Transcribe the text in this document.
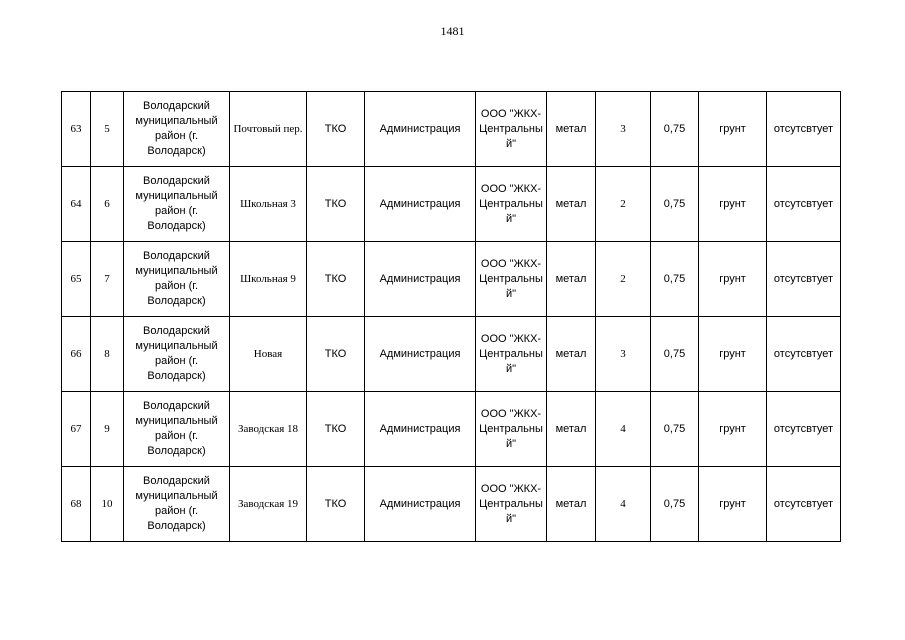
1481
63	5	Володарский муниципальный район (г. Володарск)	Почтовый пер.	ТКО	Администрация	ООО "ЖКХ-Центральны й"	метал	3	0,75	грунт	отсутсвтует
64	6	Володарский муниципальный район (г. Володарск)	Школьная 3	ТКО	Администрация	ООО "ЖКХ-Центральны й"	метал	2	0,75	грунт	отсутсвтует
65	7	Володарский муниципальный район (г. Володарск)	Школьная 9	ТКО	Администрация	ООО "ЖКХ-Центральны й"	метал	2	0,75	грунт	отсутсвтует
66	8	Володарский муниципальный район (г. Володарск)	Новая	ТКО	Администрация	ООО "ЖКХ-Центральны й"	метал	3	0,75	грунт	отсутсвтует
67	9	Володарский муниципальный район (г. Володарск)	Заводская 18	ТКО	Администрация	ООО "ЖКХ-Центральны й"	метал	4	0,75	грунт	отсутсвтует
68	10	Володарский муниципальный район (г. Володарск)	Заводская 19	ТКО	Администрация	ООО "ЖКХ-Центральны й"	метал	4	0,75	грунт	отсутсвтует
